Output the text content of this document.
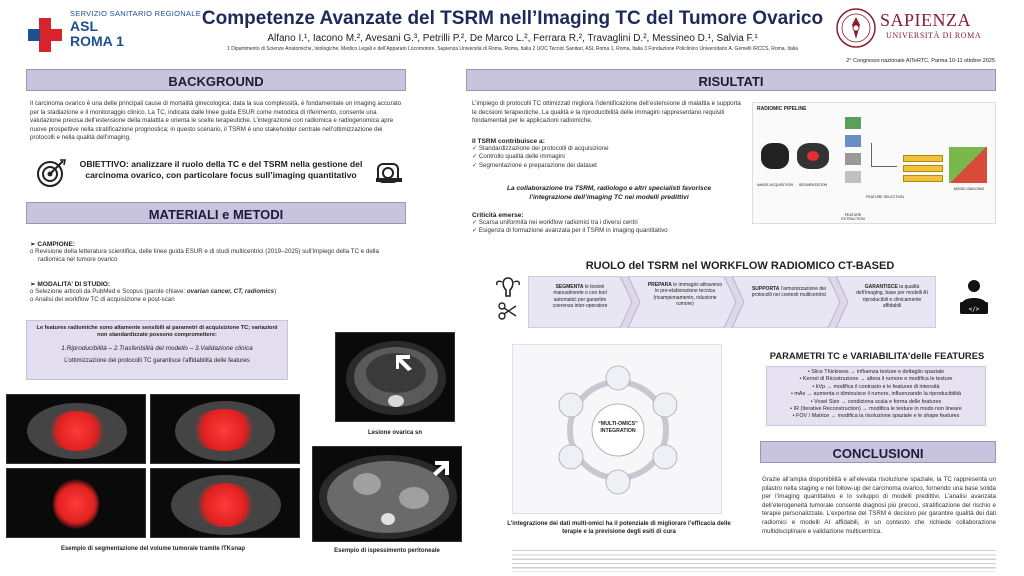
SERVIZIO SANITARIO REGIONALE
ASL
ROMA 1
Competenze Avanzate del TSRM nell’Imaging TC del Tumore Ovarico
Alfano I.¹, Iacono M.², Avesani G.³, Petrilli P.², De Marco L.², Ferrara R.², Travaglini D.², Messineo D.¹, Salvia F.¹
1 Dipartimento di Scienze Anatomiche, Istologiche, Medico Legali e dell’Apparato Locomotore, Sapienza Università di Roma, Roma, Italia 2 UOC Tecnici Sanitari, ASL Roma 1, Roma, Italia 3 Fondazione Policlinico Universitario A. Gemelli IRCCS, Roma, Italia
SAPIENZA
UNIVERSITÀ DI ROMA
2° Congresso nazionale AITeRTC, Parma 10-11 ottobre 2025
BACKGROUND
Il carcinoma ovarico è una delle principali cause di mortalità ginecologica; data la sua complessità, è fondamentale un imaging accurato per la stadiazione e il monitoraggio clinico. La TC, indicata dalle linee guida ESUR come metodica di riferimento, consente una valutazione precisa dell’estensione della malattia e orienta le scelte terapeutiche. L’integrazione con radiomica e radiogenomica apre nuove prospettive nella stratificazione prognostica; in questo scenario, il TSRM è uno stakeholder centrale nell’ottimizzazione dei protocolli e nella qualità dell’imaging.
OBIETTIVO: analizzare il ruolo della TC e del TSRM nella gestione del carcinoma ovarico, con particolare focus sull’imaging quantitativo
MATERIALI e METODI
➢ CAMPIONE:
o Revisione della letteratura scientifica, delle linee guida ESUR e di studi multicentrici (2019–2025) sull’impiego della TC e della radiomica nel tumore ovarico
➢ MODALITA’ DI STUDIO:
o Selezione articoli da PubMed e Scopus (parole chiave: ovarian cancer, CT, radiomics)
o Analisi dei workflow TC di acquisizione e post-scan
Le features radiomiche sono altamente sensibili ai parametri di acquisizione TC; variazioni non standardizzate possono compromettere:
1.Riproducibilità – 2.Trasferibilità del modello – 3.Validazione clinica
L’ottimizzazione dei protocolli TC garantisce l’affidabilità delle features
Lesione ovarica sn
Esempio di segmentazione del volume tumorale tramite ITKsnap	Esempio di ispessimento peritoneale
RISULTATI
L’impiego di protocolli TC ottimizzati migliora l’identificazione dell’estensione di malattia e supporta le decisioni terapeutiche. La qualità e la riproducibilità delle immagini rappresentano requisiti fondamentali per le applicazioni radiomiche.
Il TSRM contribuisce a:
✓ Standardizzazione dei protocolli di acquisizione
✓ Controllo qualità delle immagini
✓ Segmentazione e preparazione dei dataset
La collaborazione tra TSRM, radiologo e altri specialisti favorisce l’integrazione dell’imaging TC nei modelli predittivi
Criticità emerse:
✓ Scarsa uniformità nei workflow radiomici tra i diversi centri
✓ Esigenza di formazione avanzata per il TSRM in imaging quantitativo
RADIOMIC PIPELINE
IMAGE ACQUISITION	SEGMENTATION
FEATURE EXTRACTION
FEATURE SELECTION
MODEL BUILDING
RUOLO del TSRM nel WORKFLOW RADIOMICO CT-BASED
SEGMENTA le lesioni manualmente o con tool automatici per garantire coerenza inter-operatore
PREPARA le immagini attraverso le pre-elaborazione tecnica (ricampionamento, riduzione rumore)
SUPPORTA l’armonizzazione dei protocolli nei contesti multicentrici
GARANTISCE la qualità dell’imaging, base per modelli AI riproducibili e clinicamente affidabili	</>
“MULTI-OMICS” INTEGRATION
L’integrazione dei dati multi-omici ha il potenziale di migliorare l’efficacia delle terapie e la previsione degli esiti di cura
PARAMETRI TC e VARIABILITA’delle FEATURES
• Slice Thickness → influenza texture e dettaglio spaziale
• Kernel di Ricostruzione → altera il rumore e modifica le texture
• kVp → modifica il contrasto e le features di intensità
• mAs → aumenta o diminuisce il rumore, influenzando la riproducibilità
• Voxel Size → condiziona scala e forma delle features
• IR (Iterative Reconstruction) → modifica le texture in modo non lineare
• FOV / Matrice → modifica la risoluzione spaziale e le shape features
CONCLUSIONI
Grazie all’ampia disponibilità e all’elevata risoluzione spaziale, la TC rappresenta un pilastro nella staging e nel follow-up del carcinoma ovarico, fornendo una base solida per l’imaging quantitativo e lo sviluppo di modelli predittivi. L’analisi avanzata dell’eterogeneità tumorale consente diagnosi più precoci, stratificazione del rischio e terapie personalizzate. L’expertise del TSRM è decisivo per garantire qualità dei dati radiomici e modelli AI affidabili, in un contesto che richiede collaborazione multidisciplinare e validazione multicentrica.
